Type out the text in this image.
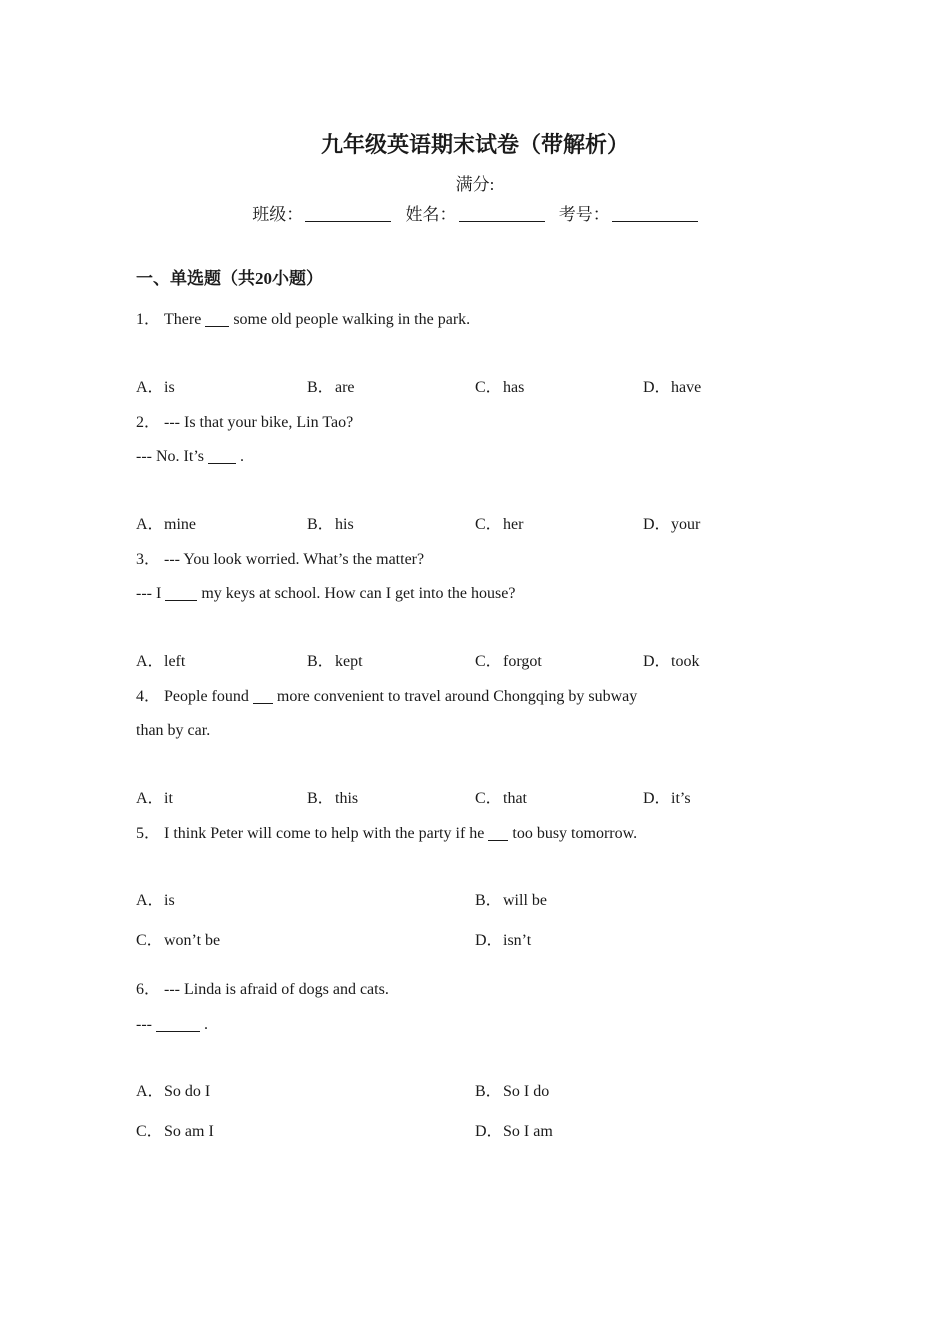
九年级英语期末试卷（带解析）
满分:
班级：	姓名：	考号：
一、单选题（共20小题）
1． There  some old people walking in the park.
A．is	B．are	C．has	D．have
2． --- Is that your bike, Lin Tao?
--- No. It’s  .
A．mine	B．his	C．her	D．your
3． --- You look worried. What’s the matter?
--- I  my keys at school. How can I get into the house?
A．left	B．kept	C．forgot	D．took
4． People found  more convenient to travel around Chongqing by subway
than by car.
A．it	B．this	C．that	D．it’s
5． I think Peter will come to help with the party if he  too busy tomorrow.
A．is	B．will be
C．won’t be	D．isn’t
6． --- Linda is afraid of dogs and cats.
---	.
A．So do I	B．So I do
C．So am I	D．So I am
